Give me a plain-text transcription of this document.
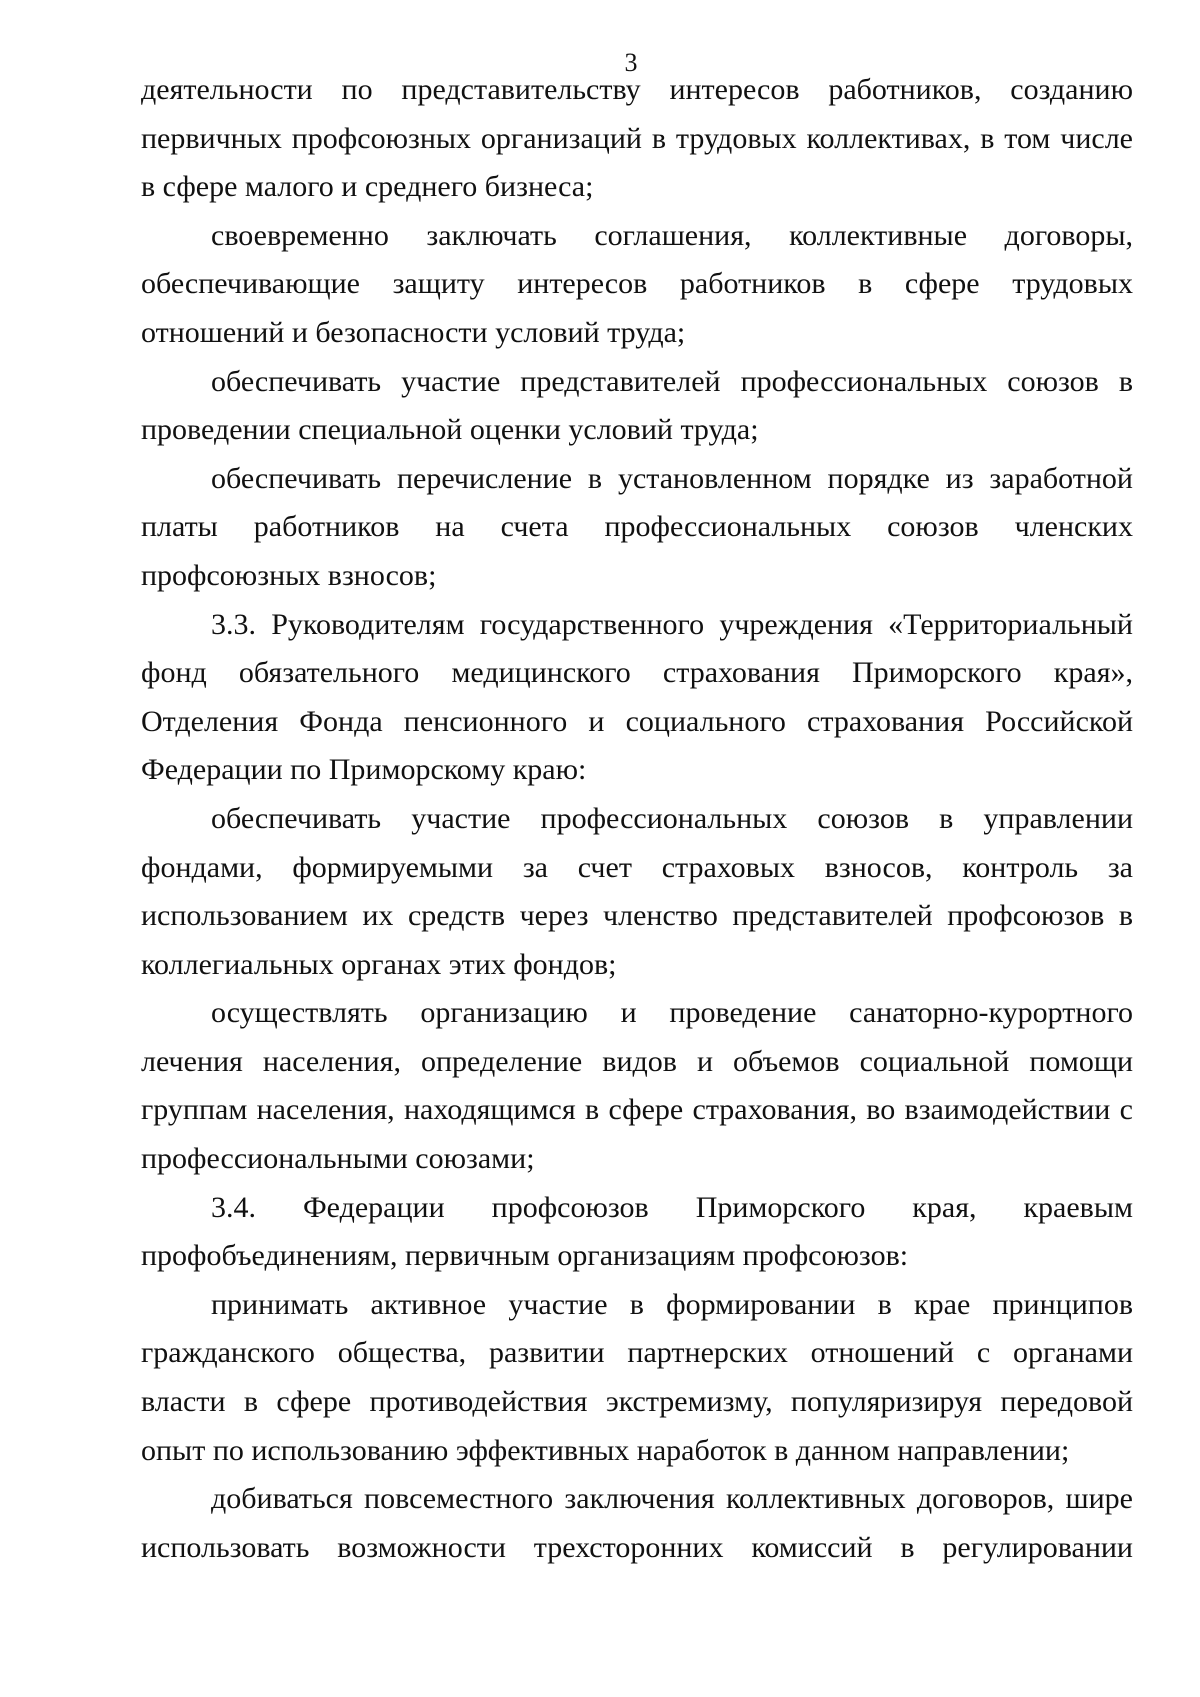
3

деятельности по представительству интересов работников, созданию первичных профсоюзных организаций в трудовых коллективах, в том числе в сфере малого и среднего бизнеса;

своевременно заключать соглашения, коллективные договоры, обеспечивающие защиту интересов работников в сфере трудовых отношений и безопасности условий труда;

обеспечивать участие представителей профессиональных союзов в проведении специальной оценки условий труда;

обеспечивать перечисление в установленном порядке из заработной платы работников на счета профессиональных союзов членских профсоюзных взносов;

3.3. Руководителям государственного учреждения «Территориальный фонд обязательного медицинского страхования Приморского края», Отделения Фонда пенсионного и социального страхования Российской Федерации по Приморскому краю:

обеспечивать участие профессиональных союзов в управлении фондами, формируемыми за счет страховых взносов, контроль за использованием их средств через членство представителей профсоюзов в коллегиальных органах этих фондов;

осуществлять организацию и проведение санаторно-курортного лечения населения, определение видов и объемов социальной помощи группам населения, находящимся в сфере страхования, во взаимодействии с профессиональными союзами;

3.4. Федерации профсоюзов Приморского края, краевым профобъединениям, первичным организациям профсоюзов:

принимать активное участие в формировании в крае принципов гражданского общества, развитии партнерских отношений с органами власти в сфере противодействия экстремизму, популяризируя передовой опыт по использованию эффективных наработок в данном направлении;

добиваться повсеместного заключения коллективных договоров, шире использовать возможности трехсторонних комиссий в регулировании
